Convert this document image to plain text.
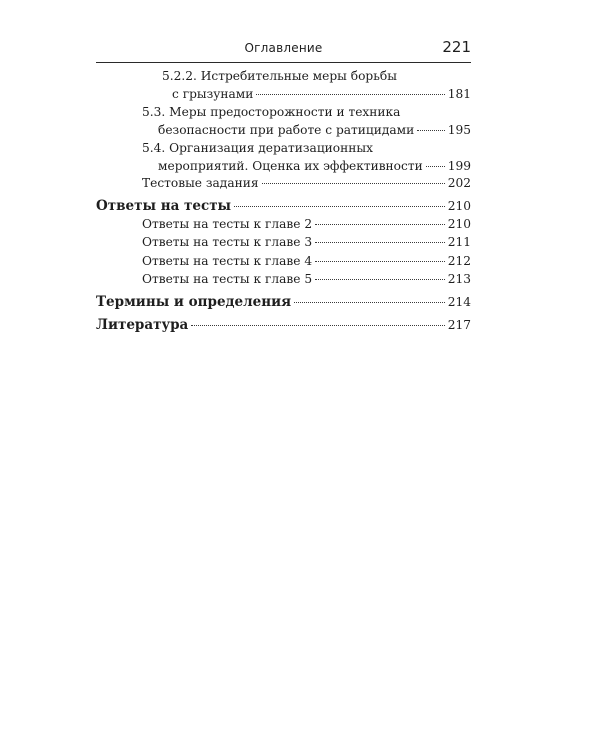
Оглавление	221
5.2.2. Истребительные меры борьбы
с грызунами	181
5.3. Меры предосторожности и техника
безопасности при работе с ратицидами	195
5.4. Организация дератизационных
мероприятий. Оценка их эффективности 199
Тестовые задания	202
Ответы на тесты	210
Ответы на тесты к главе 2	210
Ответы на тесты к главе 3	211
Ответы на тесты к главе 4	212
Ответы на тесты к главе 5	213
Термины и определения	214
Литература	217
